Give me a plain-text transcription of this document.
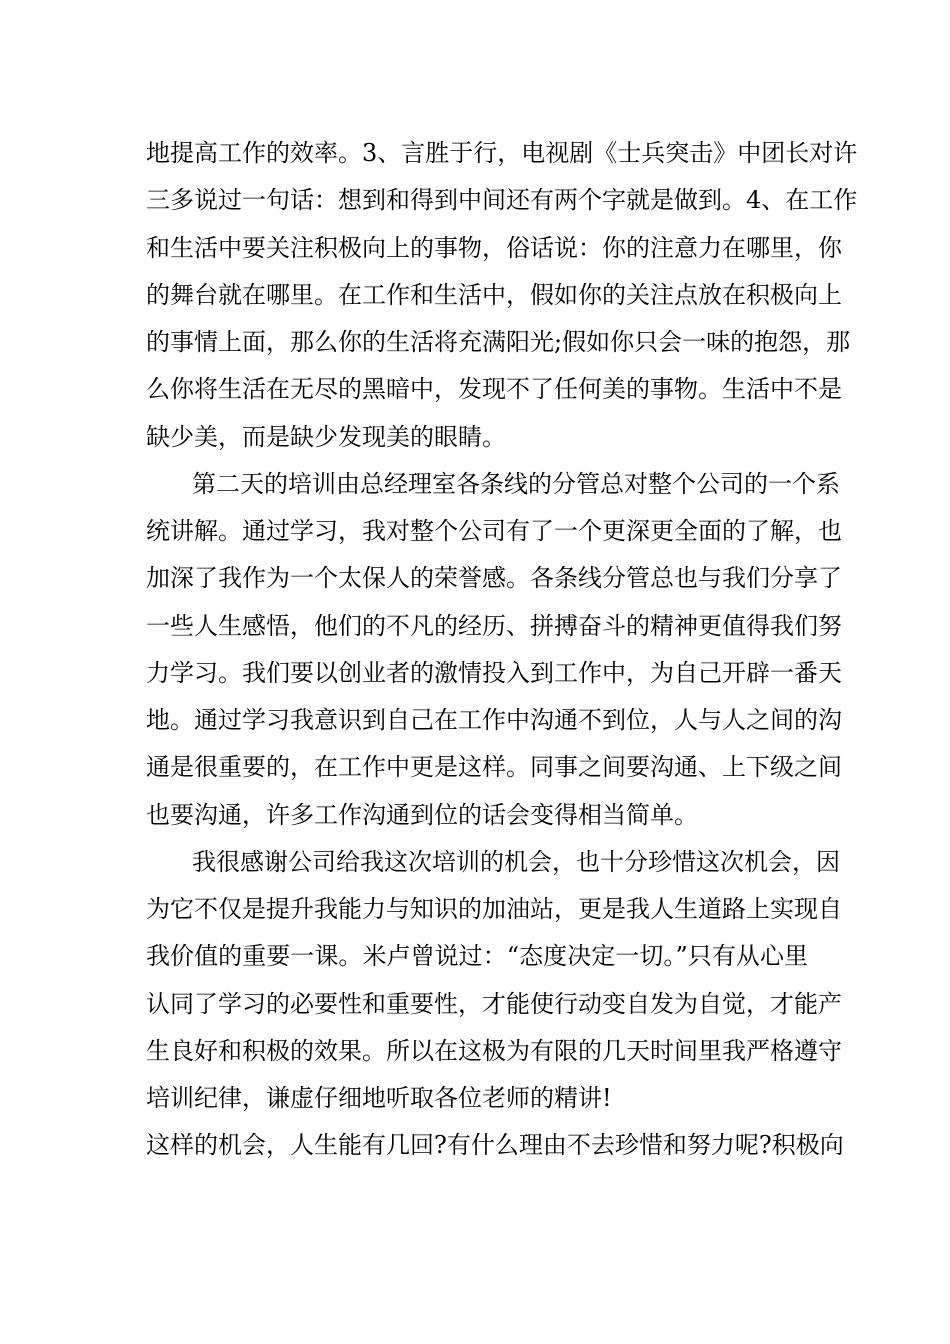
地提高工作的效率。3、言胜于行，电视剧《士兵突击》中团长对许
三多说过一句话：想到和得到中间还有两个字就是做到。4、在工作
和生活中要关注积极向上的事物，俗话说：你的注意力在哪里，你
的舞台就在哪里。在工作和生活中，假如你的关注点放在积极向上
的事情上面，那么你的生活将充满阳光;假如你只会一味的抱怨，那
么你将生活在无尽的黑暗中，发现不了任何美的事物。生活中不是
缺少美，而是缺少发现美的眼睛。
第二天的培训由总经理室各条线的分管总对整个公司的一个系
统讲解。通过学习，我对整个公司有了一个更深更全面的了解，也
加深了我作为一个太保人的荣誉感。各条线分管总也与我们分享了
一些人生感悟，他们的不凡的经历、拼搏奋斗的精神更值得我们努
力学习。我们要以创业者的激情投入到工作中，为自己开辟一番天
地。通过学习我意识到自己在工作中沟通不到位，人与人之间的沟
通是很重要的，在工作中更是这样。同事之间要沟通、上下级之间
也要沟通，许多工作沟通到位的话会变得相当简单。
我很感谢公司给我这次培训的机会，也十分珍惜这次机会，因
为它不仅是提升我能力与知识的加油站，更是我人生道路上实现自
我价值的重要一课。米卢曾说过：“态度决定一切。”只有从心里
认同了学习的必要性和重要性，才能使行动变自发为自觉，才能产
生良好和积极的效果。所以在这极为有限的几天时间里我严格遵守
培训纪律，谦虚仔细地听取各位老师的精讲!
这样的机会，人生能有几回?有什么理由不去珍惜和努力呢?积极向
